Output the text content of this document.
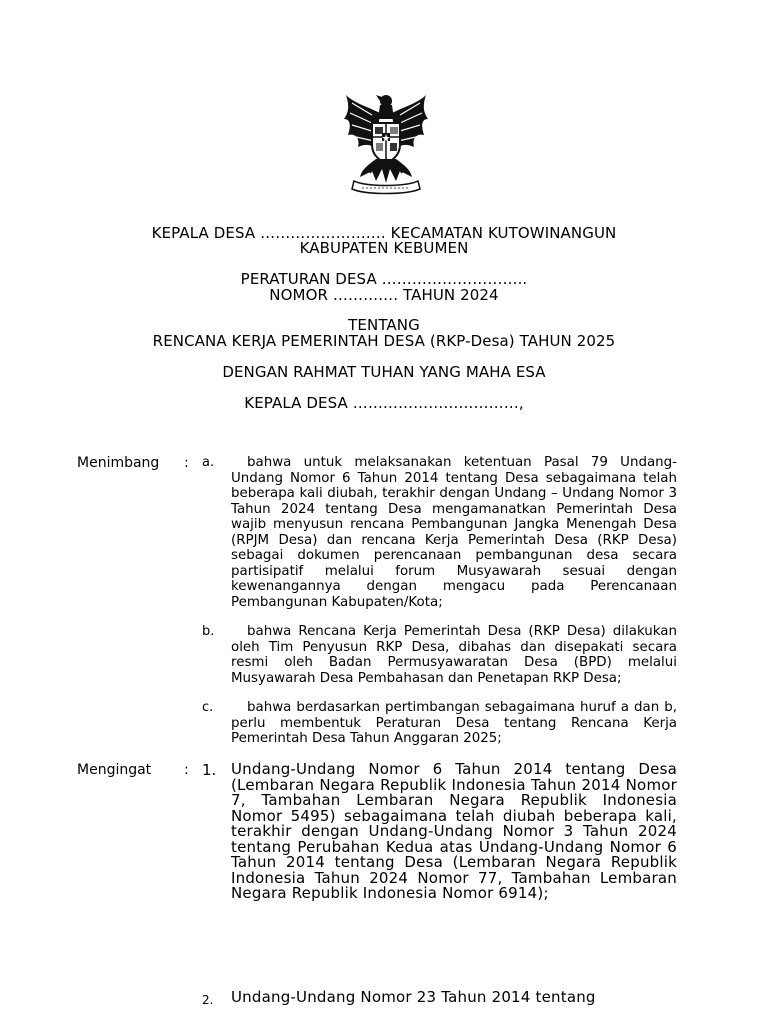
KEPALA DESA ……………………. KECAMATAN KUTOWINANGUN
KABUPATEN KEBUMEN
PERATURAN DESA ………………………..
NOMOR …………. TAHUN 2024
TENTANG
RENCANA KERJA PEMERINTAH DESA (RKP-Desa) TAHUN 2025
DENGAN RAHMAT TUHAN YANG MAHA ESA
KEPALA DESA ……………………………,
Menimbang : a.	bahwa untuk melaksanakan ketentuan Pasal 79 Undang-Undang Nomor 6 Tahun 2014 tentang Desa sebagaimana telah beberapa kali diubah, terakhir dengan Undang – Undang Nomor 3 Tahun 2024 tentang Desa mengamanatkan Pemerintah Desa wajib menyusun rencana Pembangunan Jangka Menengah Desa (RPJM Desa) dan rencana Kerja Pemerintah Desa (RKP Desa) sebagai dokumen perencanaan pembangunan desa secara partisipatif melalui forum Musyawarah sesuai dengan kewenangannya dengan mengacu pada Perencanaan Pembangunan Kabupaten/Kota;
b.	bahwa Rencana Kerja Pemerintah Desa (RKP Desa) dilakukan oleh Tim Penyusun RKP Desa, dibahas dan disepakati secara resmi oleh Badan Permusyawaratan Desa (BPD) melalui Musyawarah Desa Pembahasan dan Penetapan RKP Desa;
c.	bahwa berdasarkan pertimbangan sebagaimana huruf a dan b, perlu membentuk Peraturan Desa tentang Rencana Kerja Pemerintah Desa Tahun Anggaran 2025;
Mengingat : 1. Undang-Undang Nomor 6 Tahun 2014 tentang Desa (Lembaran Negara Republik Indonesia Tahun 2014 Nomor 7, Tambahan Lembaran Negara Republik Indonesia Nomor 5495) sebagaimana telah diubah beberapa kali, terakhir dengan Undang-Undang Nomor 3 Tahun 2024 tentang Perubahan Kedua atas Undang-Undang Nomor 6 Tahun 2014 tentang Desa (Lembaran Negara Republik Indonesia Tahun 2024 Nomor 77, Tambahan Lembaran Negara Republik Indonesia Nomor 6914);
2. Undang-Undang Nomor 23 Tahun 2014 tentang
